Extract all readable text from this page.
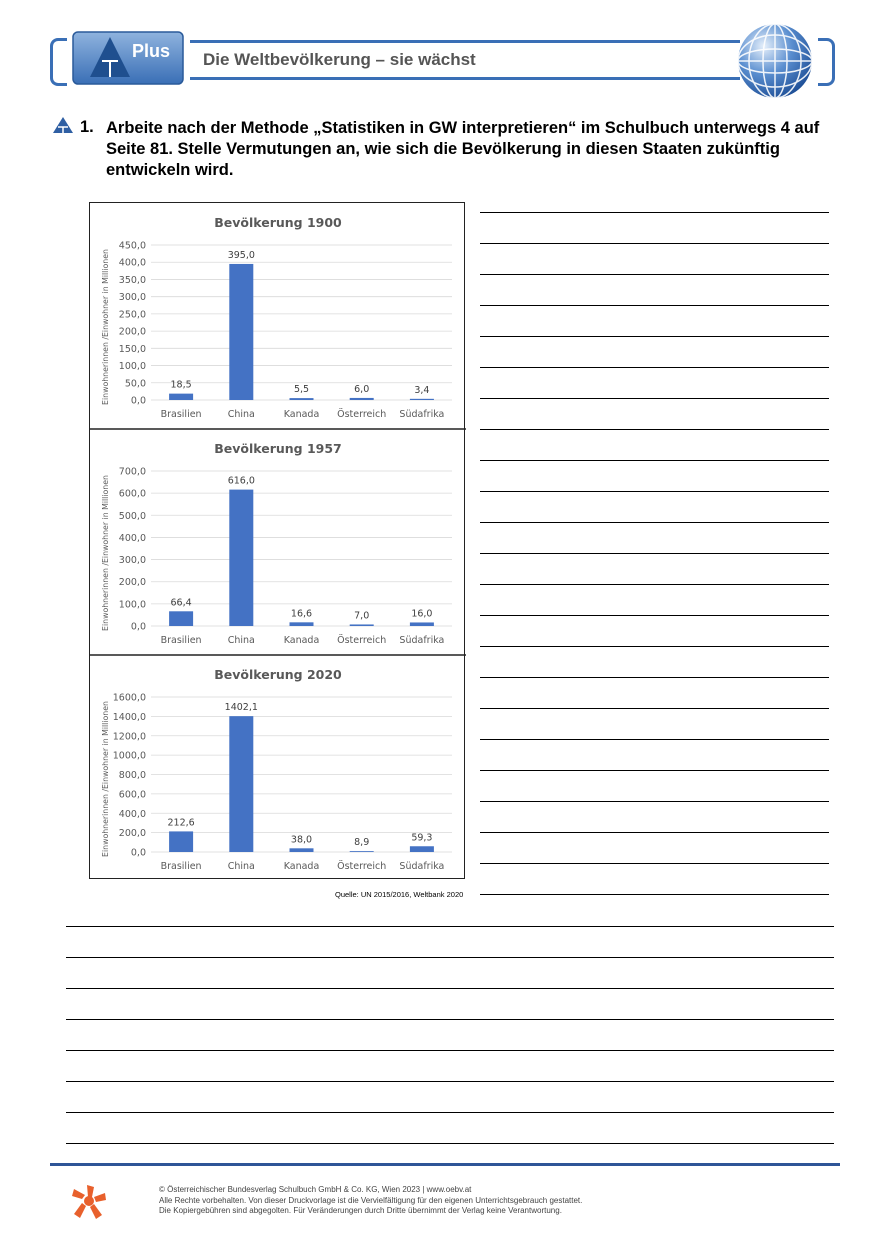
Plus Die Weltbevölkerung – sie wächst
1. Arbeite nach der Methode „Statistiken in GW interpretieren“ im Schulbuch unterwegs 4 auf Seite 81. Stelle Vermutungen an, wie sich die Bevölkerung in diesen Staaten zukünftig entwickeln wird.
Bevölkerung 1900
Einwohnerinnen /Einwohner in Millionen 0,0
50,0
100,0
150,0
200,0
250,0
300,0
350,0
400,0
450,0
18,5
Brasilien
395,0
China
5,5
Kanada
6,0
Österreich
3,4
Südafrika
Bevölkerung 1957
Einwohnerinnen /Einwohner in Millionen 0,0
100,0
200,0
300,0
400,0
500,0
600,0
700,0
66,4
Brasilien
616,0
China
16,6
Kanada
7,0
Österreich
16,0
Südafrika
Bevölkerung 2020
Einwohnerinnen /Einwohner in Millionen 0,0
200,0
400,0
600,0
800,0
1000,0
1200,0
1400,0
1600,0
212,6
Brasilien
1402,1
China
38,0
Kanada
8,9
Österreich
59,3
Südafrika
Quelle: UN 2015/2016, Weltbank 2020
© Österreichischer Bundesverlag Schulbuch GmbH & Co. KG, Wien 2023 | www.oebv.at
Alle Rechte vorbehalten. Von dieser Druckvorlage ist die Vervielfältigung für den eigenen Unterrichtsgebrauch gestattet.
Die Kopiergebühren sind abgegolten. Für Veränderungen durch Dritte übernimmt der Verlag keine Verantwortung.
